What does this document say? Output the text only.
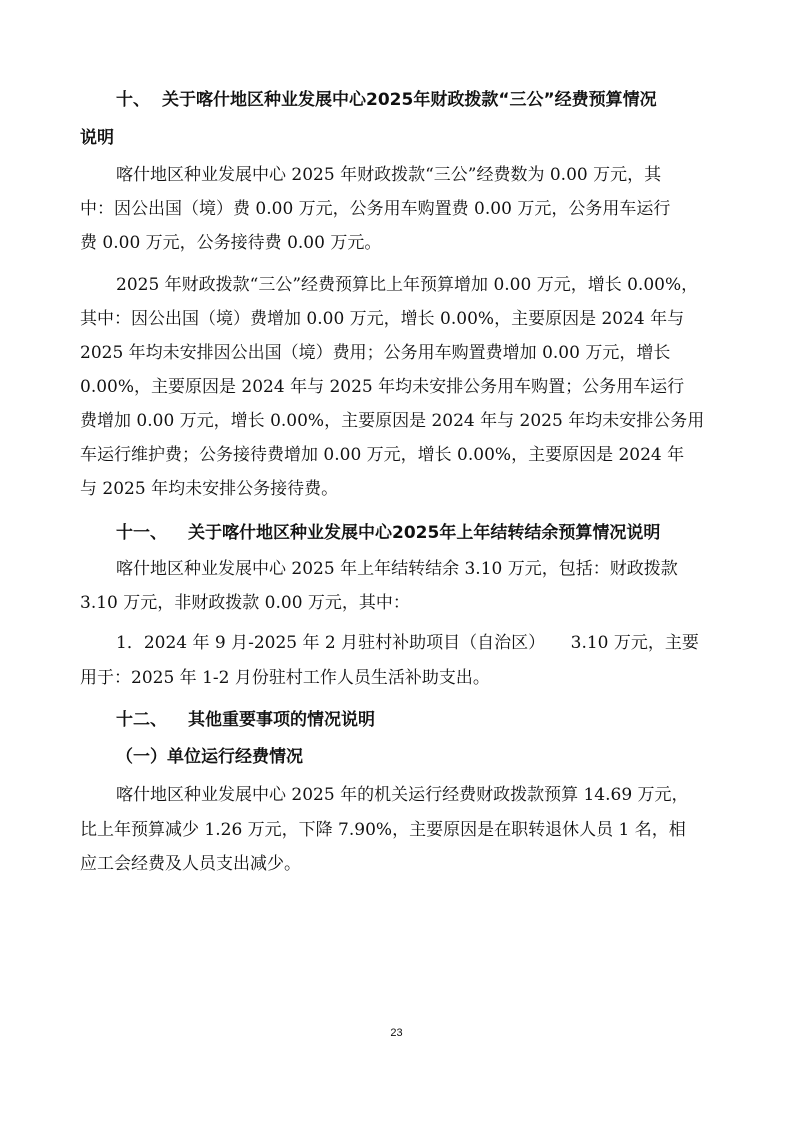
十、 关于喀什地区种业发展中心2025年财政拨款“三公”经费预算情况
说明
喀什地区种业发展中心 2025 年财政拨款“三公”经费数为 0.00 万元，其
中：因公出国（境）费 0.00 万元，公务用车购置费 0.00 万元，公务用车运行
费 0.00 万元，公务接待费 0.00 万元。
2025 年财政拨款“三公”经费预算比上年预算增加 0.00 万元，增长 0.00%，
其中：因公出国（境）费增加 0.00 万元，增长 0.00%，主要原因是 2024 年与
2025 年均未安排因公出国（境）费用；公务用车购置费增加 0.00 万元，增长
0.00%，主要原因是 2024 年与 2025 年均未安排公务用车购置；公务用车运行
费增加 0.00 万元，增长 0.00%，主要原因是 2024 年与 2025 年均未安排公务用
车运行维护费；公务接待费增加 0.00 万元，增长 0.00%，主要原因是 2024 年
与 2025 年均未安排公务接待费。
十一、 关于喀什地区种业发展中心2025年上年结转结余预算情况说明
喀什地区种业发展中心 2025 年上年结转结余 3.10 万元，包括：财政拨款
3.10 万元，非财政拨款 0.00 万元，其中：
1．2024 年 9 月-2025 年 2 月驻村补助项目（自治区）　　3.10 万元，主要
用于：2025 年 1-2 月份驻村工作人员生活补助支出。
十二、 其他重要事项的情况说明
（一）单位运行经费情况
喀什地区种业发展中心 2025 年的机关运行经费财政拨款预算 14.69 万元，
比上年预算减少 1.26 万元，下降 7.90%，主要原因是在职转退休人员 1 名，相
应工会经费及人员支出减少。
23
